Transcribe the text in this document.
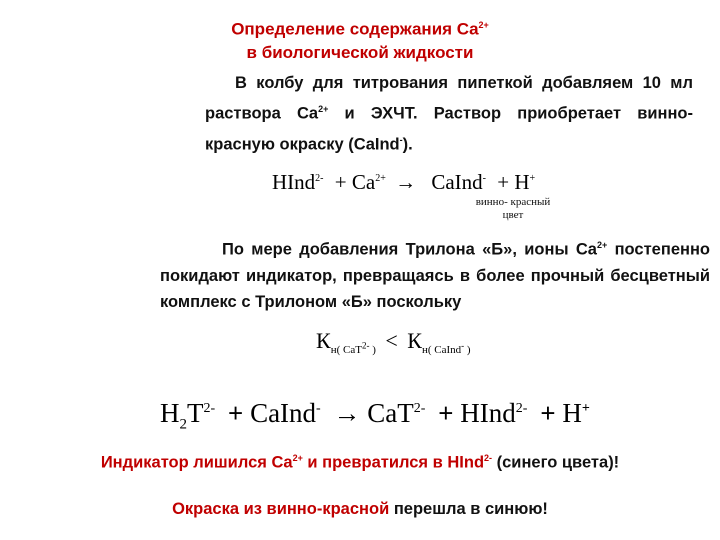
Определение содержания $Ca^{2+}$
в биологической жидкости
В колбу для титрования пипеткой добавляем 10 мл раствора $Ca^{2+}$ и ЭХЧТ. Раствор приобретает винно-красную окраску (CaInd-).
HInd$^{2-}$ + $Ca^{2+}$ → CaInd- + H+
винно- красный
цвет
По мере добавления Трилона «Б», ионы $Ca^{2+}$ постепенно покидают индикатор, превращаясь в более прочный бесцветный комплекс с Трилоном «Б» поскольку
$К_{н( CaT^{2-} )} < К_{н( CaInd^- )}$
$H_2T^{2-}$ + CaInd- → CaT$^{2-}$ + HInd$^{2-}$ + H+
Индикатор лишился $Ca^{2+}$ и превратился в HInd$^{2-}$ (синего цвета)!
Окраска из винно-красной перешла в синюю!
